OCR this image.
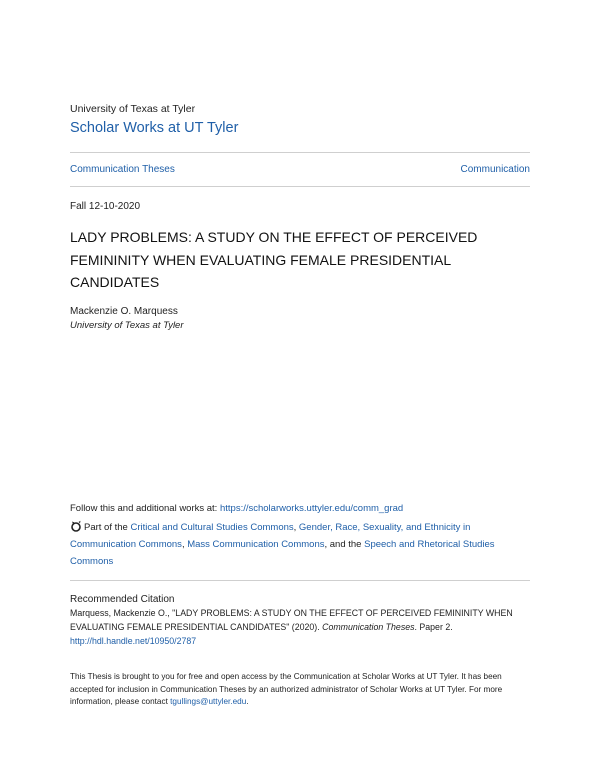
University of Texas at Tyler
Scholar Works at UT Tyler
Communication Theses	Communication
Fall 12-10-2020
LADY PROBLEMS: A STUDY ON THE EFFECT OF PERCEIVED FEMININITY WHEN EVALUATING FEMALE PRESIDENTIAL CANDIDATES
Mackenzie O. Marquess
University of Texas at Tyler
Follow this and additional works at: https://scholarworks.uttyler.edu/comm_grad
Part of the Critical and Cultural Studies Commons, Gender, Race, Sexuality, and Ethnicity in Communication Commons, Mass Communication Commons, and the Speech and Rhetorical Studies Commons
Recommended Citation
Marquess, Mackenzie O., "LADY PROBLEMS: A STUDY ON THE EFFECT OF PERCEIVED FEMININITY WHEN EVALUATING FEMALE PRESIDENTIAL CANDIDATES" (2020). Communication Theses. Paper 2.
http://hdl.handle.net/10950/2787
This Thesis is brought to you for free and open access by the Communication at Scholar Works at UT Tyler. It has been accepted for inclusion in Communication Theses by an authorized administrator of Scholar Works at UT Tyler. For more information, please contact tgullings@uttyler.edu.
